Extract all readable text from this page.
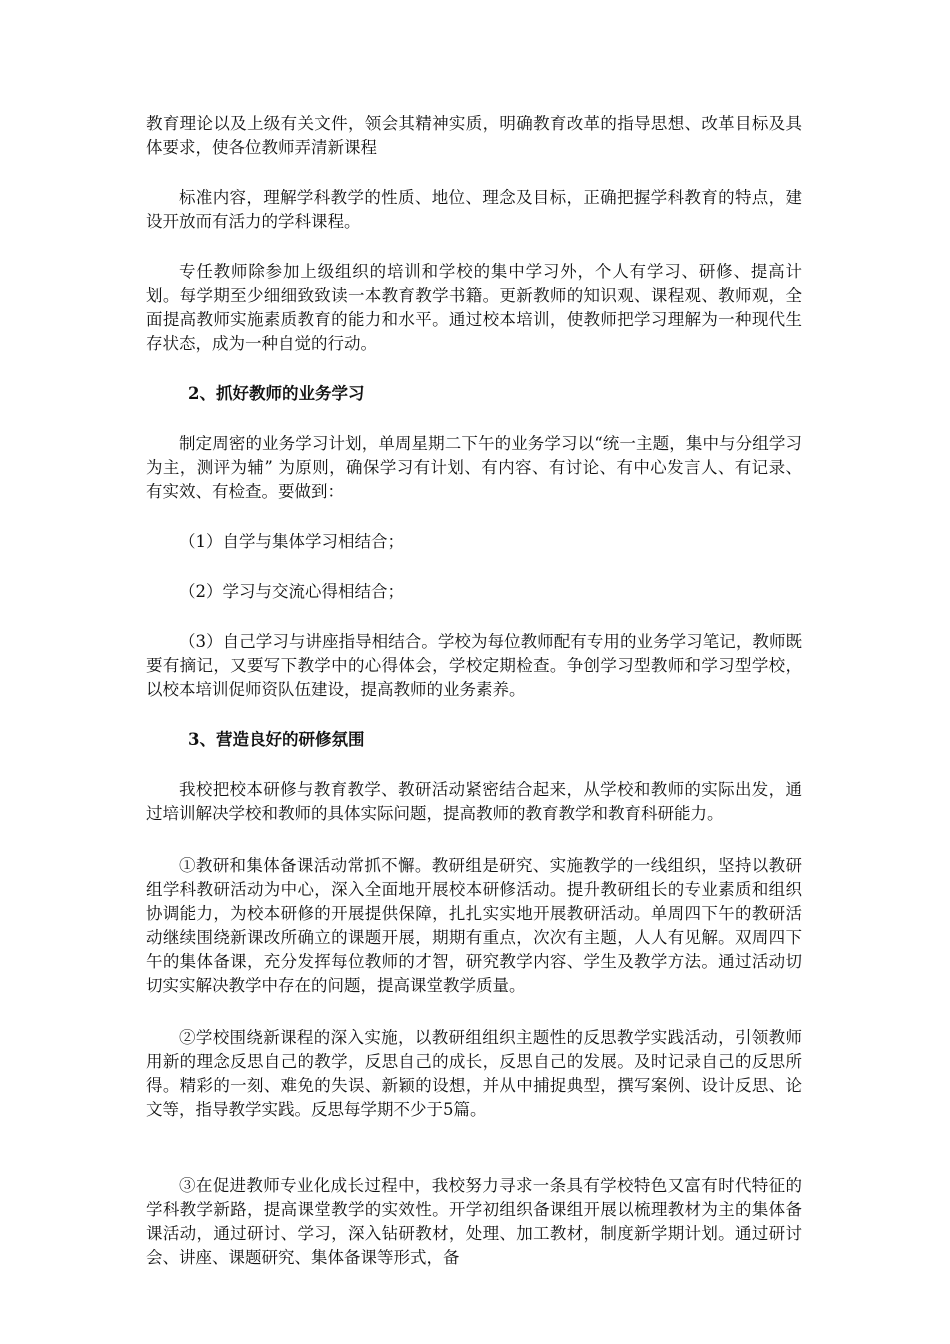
教育理论以及上级有关文件，领会其精神实质，明确教育改革的指导思想、改革目标及具体要求，使各位教师弄清新课程

标准内容，理解学科教学的性质、地位、理念及目标，正确把握学科教育的特点，建设开放而有活力的学科课程。

专任教师除参加上级组织的培训和学校的集中学习外，个人有学习、研修、提高计划。每学期至少细细致致读一本教育教学书籍。更新教师的知识观、课程观、教师观，全面提高教师实施素质教育的能力和水平。通过校本培训，使教师把学习理解为一种现代生存状态，成为一种自觉的行动。

2、抓好教师的业务学习

制定周密的业务学习计划，单周星期二下午的业务学习以“统一主题，集中与分组学习为主，测评为辅” 为原则，确保学习有计划、有内容、有讨论、有中心发言人、有记录、有实效、有检查。要做到：

（1）自学与集体学习相结合；

（2）学习与交流心得相结合；

（3）自己学习与讲座指导相结合。学校为每位教师配有专用的业务学习笔记，教师既要有摘记，又要写下教学中的心得体会，学校定期检查。争创学习型教师和学习型学校，以校本培训促师资队伍建设，提高教师的业务素养。

3、营造良好的研修氛围

我校把校本研修与教育教学、教研活动紧密结合起来，从学校和教师的实际出发，通过培训解决学校和教师的具体实际问题，提高教师的教育教学和教育科研能力。

①教研和集体备课活动常抓不懈。教研组是研究、实施教学的一线组织，坚持以教研组学科教研活动为中心，深入全面地开展校本研修活动。提升教研组长的专业素质和组织协调能力，为校本研修的开展提供保障，扎扎实实地开展教研活动。单周四下午的教研活动继续围绕新课改所确立的课题开展，期期有重点，次次有主题，人人有见解。双周四下午的集体备课，充分发挥每位教师的才智，研究教学内容、学生及教学方法。通过活动切切实实解决教学中存在的问题，提高课堂教学质量。

②学校围绕新课程的深入实施，以教研组组织主题性的反思教学实践活动，引领教师用新的理念反思自己的教学，反思自己的成长，反思自己的发展。及时记录自己的反思所得。精彩的一刻、难免的失误、新颖的设想，并从中捕捉典型，撰写案例、设计反思、论文等，指导教学实践。反思每学期不少于5篇。

③在促进教师专业化成长过程中，我校努力寻求一条具有学校特色又富有时代特征的学科教学新路，提高课堂教学的实效性。开学初组织备课组开展以梳理教材为主的集体备课活动，通过研讨、学习，深入钻研教材，处理、加工教材，制度新学期计划。通过研讨会、讲座、课题研究、集体备课等形式，备
